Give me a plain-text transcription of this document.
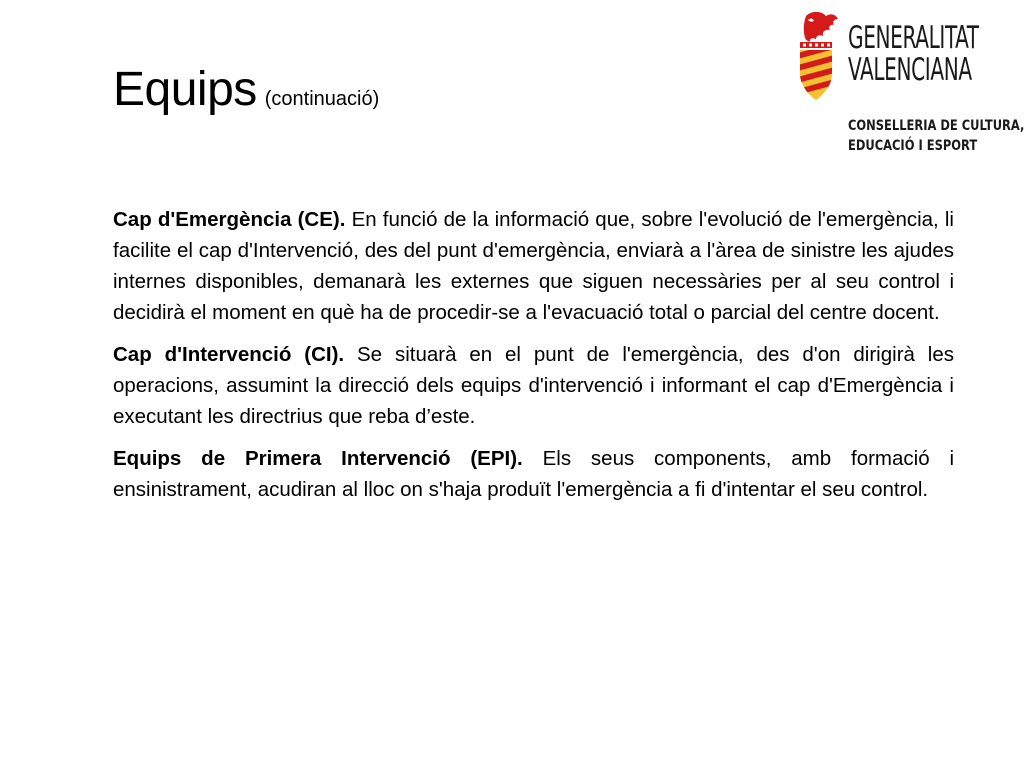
Equips (continuació)
GENERALITAT
VALENCIANA
CONSELLERIA DE CULTURA,
EDUCACIÓ I ESPORT

Cap d'Emergència (CE). En funció de la informació que, sobre l'evolució de l'emergència, li facilite el cap d'Intervenció, des del punt d'emergència, enviarà a l'àrea de sinistre les ajudes internes disponibles, demanarà les externes que siguen necessàries per al seu control i decidirà el moment en què ha de procedir-se a l'evacuació total o parcial del centre docent.

Cap d'Intervenció (CI). Se situarà en el punt de l'emergència, des d'on dirigirà les operacions, assumint la direcció dels equips d'intervenció i informant el cap d'Emergència i executant les directrius que reba d’este.

Equips de Primera Intervenció (EPI). Els seus components, amb formació i ensinistrament, acudiran al lloc on s'haja produït l'emergència a fi d'intentar el seu control.
